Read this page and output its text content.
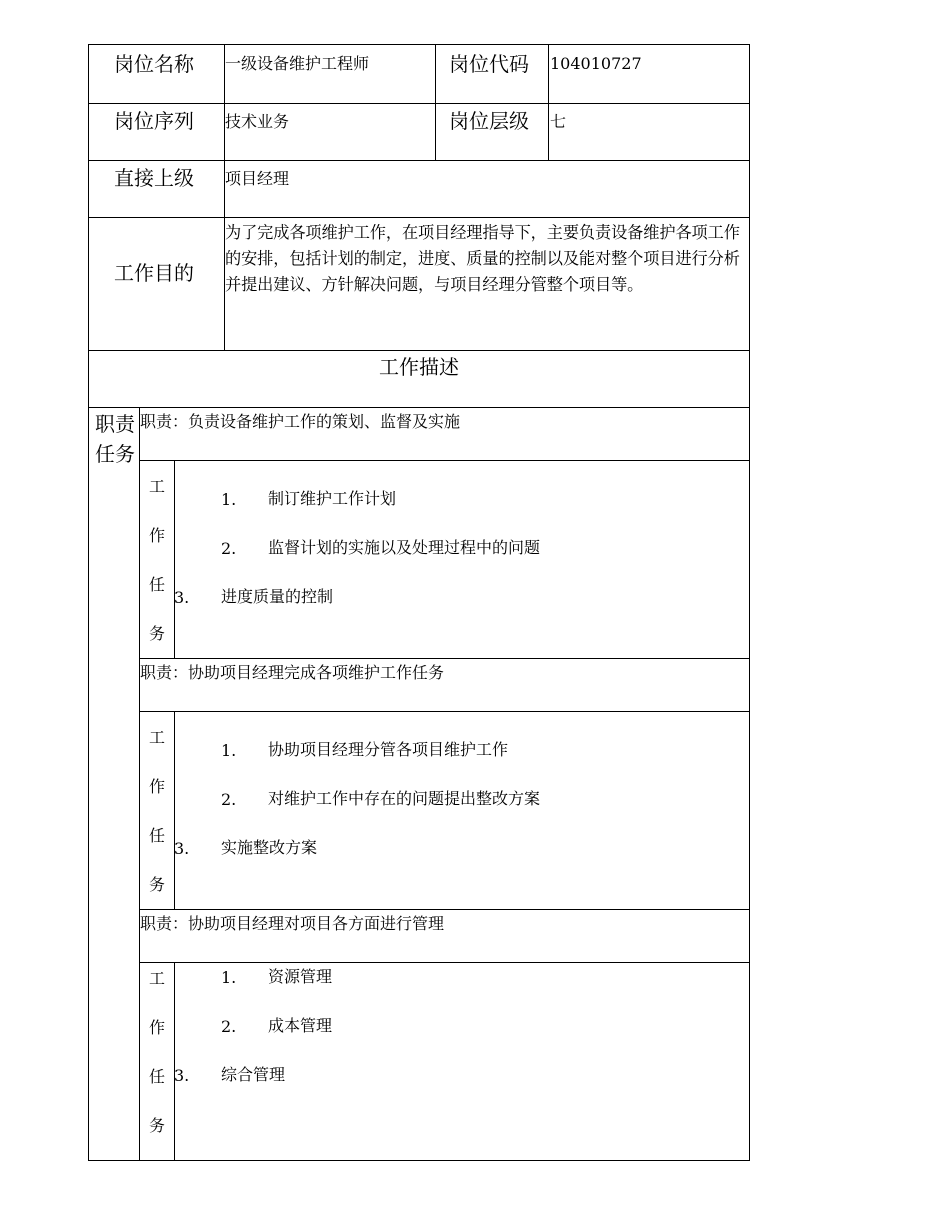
岗位名称 一级设备维护工程师	岗位代码 104010727
岗位序列 技术业务	岗位层级 七
直接上级 项目经理
工作目的
为了完成各项维护工作，在项目经理指导下，主要负责设备维护各项工作的安排，包括计划的制定，进度、质量的控制以及能对整个项目进行分析并提出建议、方针解决问题，与项目经理分管整个项目等。
工作描述
职责
任务
职责：负责设备维护工作的策划、监督及实施
工
作
任
务
1. 制订维护工作计划
2. 监督计划的实施以及处理过程中的问题
3. 进度质量的控制
职责：协助项目经理完成各项维护工作任务
工
作
任
务
1. 协助项目经理分管各项目维护工作
2. 对维护工作中存在的问题提出整改方案
3. 实施整改方案
职责：协助项目经理对项目各方面进行管理
工
作
任
务
1. 资源管理
2. 成本管理
3. 综合管理
